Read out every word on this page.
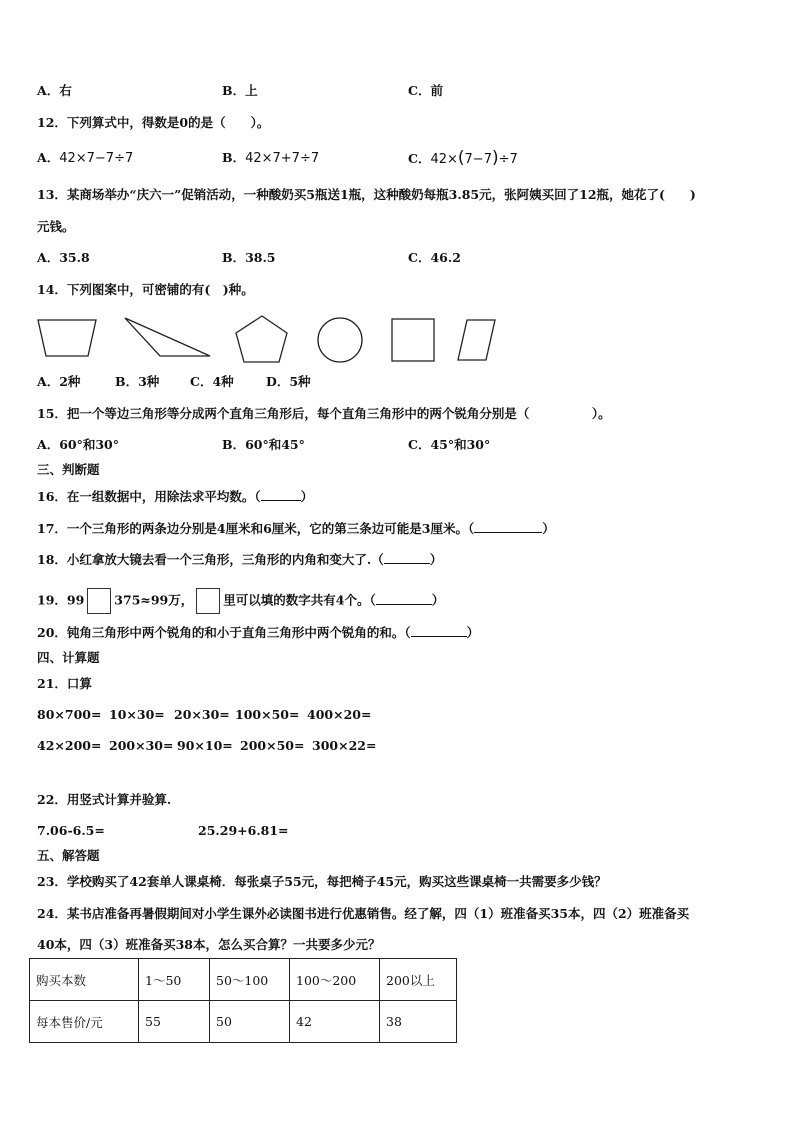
A．右	B．上	C．前
12．下列算式中，得数是0的是（　　）。
A．42×7−7÷7	B．42×7+7÷7	C．42×(7−7)÷7
13．某商场举办“庆六一”促销活动，一种酸奶买5瓶送1瓶，这种酸奶每瓶3.85元，张阿姨买回了12瓶，她花了(　　)
元钱。
A．35.8	B．38.5	C．46.2
14．下列图案中，可密铺的有(　)种。
A．2种	B．3种 C．4种	D．5种
15．把一个等边三角形等分成两个直角三角形后，每个直角三角形中的两个锐角分别是（　　　　　）。
A．60°和30°	B．60°和45°	C．45°和30°
三、判断题
16．在一组数据中，用除法求平均数。（	）
17．一个三角形的两条边分别是4厘米和6厘米，它的第三条边可能是3厘米。（	）
18．小红拿放大镜去看一个三角形，三角形的内角和变大了.（	）
19．99 375≈99万， 里可以填的数字共有4个。（	）
20．钝角三角形中两个锐角的和小于直角三角形中两个锐角的和。（	）
四、计算题
21．口算
80×700= 10×30= 20×30= 100×50= 400×20=
42×200= 200×30= 90×10= 200×50= 300×22=
22．用竖式计算并验算.
7.06-6.5=	25.29+6.81=
五、解答题
23．学校购买了42套单人课桌椅．每张桌子55元，每把椅子45元，购买这些课桌椅一共需要多少钱？
24．某书店准备再暑假期间对小学生课外必读图书进行优惠销售。经了解，四（1）班准备买35本，四（2）班准备买
40本，四（3）班准备买38本，怎么买合算？一共要多少元？
购买本数	1～50	50～100	100～200	200以上
每本售价/元	55	50	42	38
